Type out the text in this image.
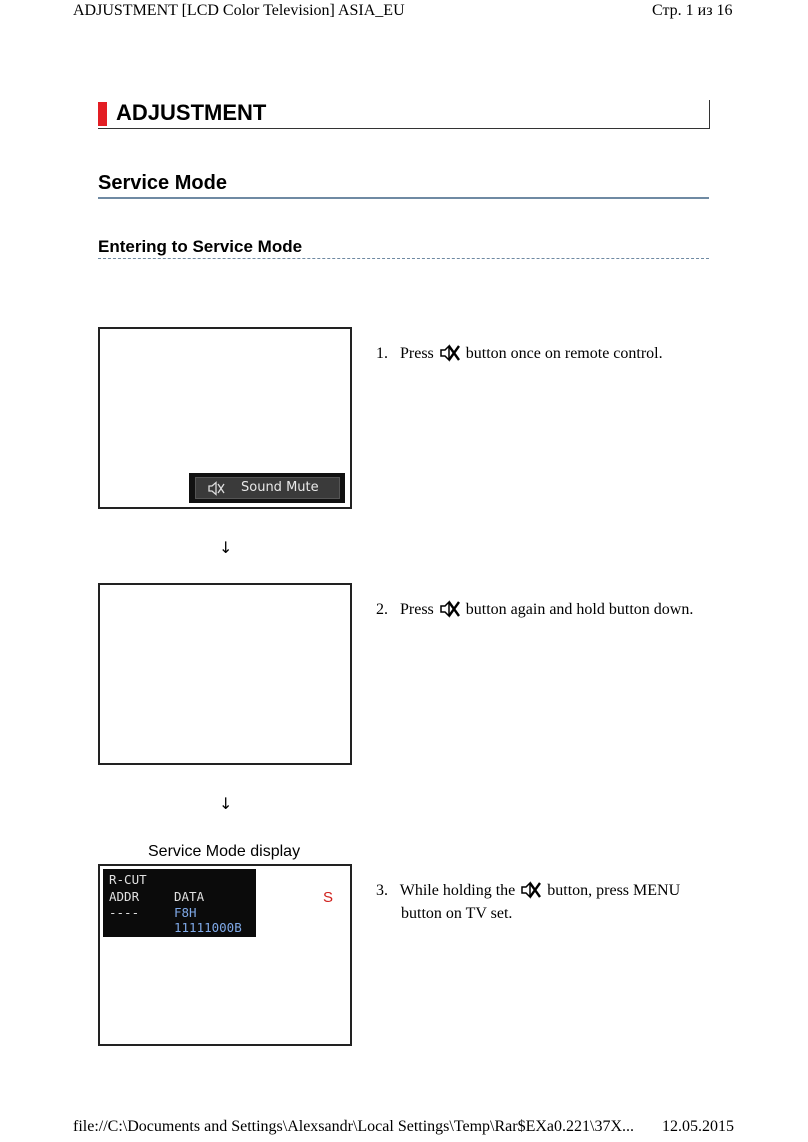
ADJUSTMENT [LCD Color Television] ASIA_EU	Стр. 1 из 16
ADJUSTMENT
Service Mode
Entering to Service Mode
Sound Mute
1. Press button once on remote control.
↓
2. Press button again and hold button down.
↓
Service Mode display
R-CUT
ADDR	DATA
----	F8H
11111000B
S	3. While holding the button, press MENU
button on TV set.
file://C:\Documents and Settings\Alexsandr\Local Settings\Temp\Rar$EXa0.221\37X... 12.05.2015
